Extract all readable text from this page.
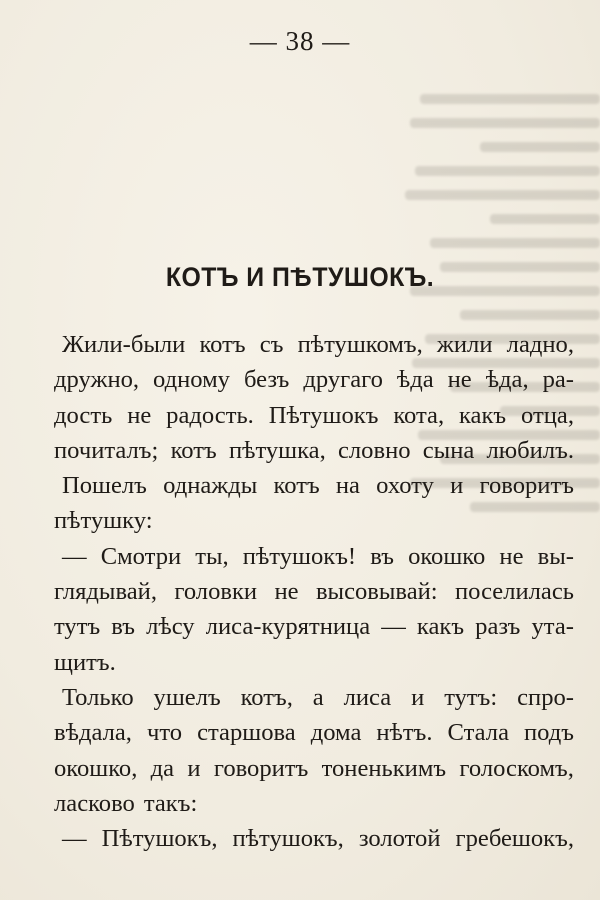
— 38 —
КОТЪ И ПѢТУШОКЪ.
Жили-были котъ съ пѣтушкомъ, жили ладно,
дружно, одному безъ другаго ѣда не ѣда, ра-
дость не радость. Пѣтушокъ кота, какъ отца,
почиталъ; котъ пѣтушка, словно сына любилъ.
Пошелъ однажды котъ на охоту и говоритъ
пѣтушку:
— Смотри ты, пѣтушокъ! въ окошко не вы-
глядывай, головки не высовывай: поселилась
тутъ въ лѣсу лиса-курятница — какъ разъ ута-
щитъ.
Только ушелъ котъ, а лиса и тутъ: спро-
вѣдала, что старшова дома нѣтъ. Стала подъ
окошко, да и говоритъ тоненькимъ голоскомъ,
ласково такъ:
— Пѣтушокъ, пѣтушокъ, золотой гребешокъ,
